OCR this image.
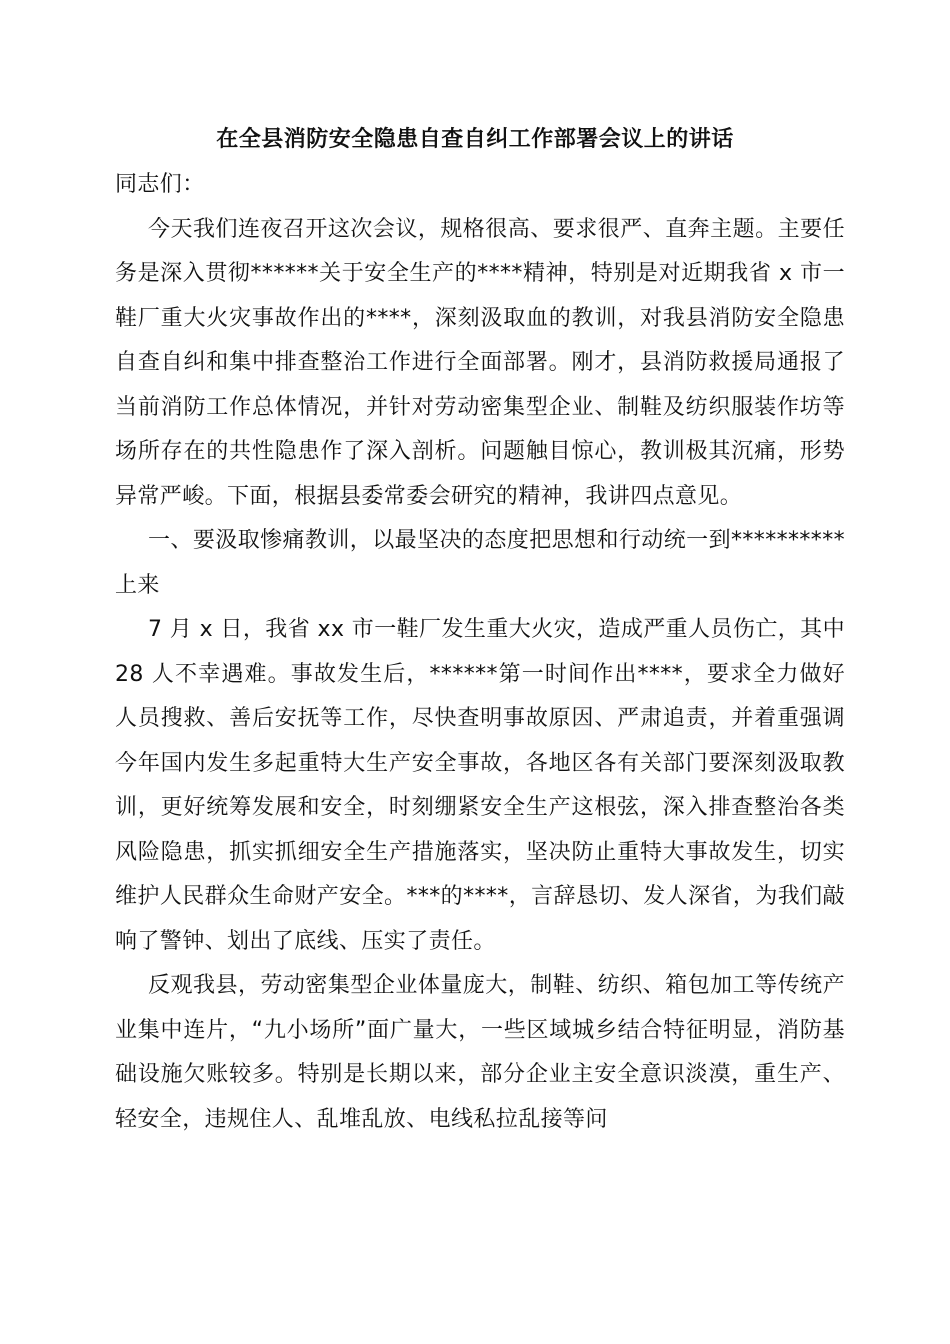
在全县消防安全隐患自查自纠工作部署会议上的讲话

同志们：

今天我们连夜召开这次会议，规格很高、要求很严、直奔主题。主要任务是深入贯彻******关于安全生产的****精神，特别是对近期我省 x 市一鞋厂重大火灾事故作出的****，深刻汲取血的教训，对我县消防安全隐患自查自纠和集中排查整治工作进行全面部署。刚才，县消防救援局通报了当前消防工作总体情况，并针对劳动密集型企业、制鞋及纺织服装作坊等场所存在的共性隐患作了深入剖析。问题触目惊心，教训极其沉痛，形势异常严峻。下面，根据县委常委会研究的精神，我讲四点意见。

一、要汲取惨痛教训，以最坚决的态度把思想和行动统一到**********上来

7 月 x 日，我省 xx 市一鞋厂发生重大火灾，造成严重人员伤亡，其中 28 人不幸遇难。事故发生后，******第一时间作出****，要求全力做好人员搜救、善后安抚等工作，尽快查明事故原因、严肃追责，并着重强调今年国内发生多起重特大生产安全事故，各地区各有关部门要深刻汲取教训，更好统筹发展和安全，时刻绷紧安全生产这根弦，深入排查整治各类风险隐患，抓实抓细安全生产措施落实，坚决防止重特大事故发生，切实维护人民群众生命财产安全。***的****，言辞恳切、发人深省，为我们敲响了警钟、划出了底线、压实了责任。

反观我县，劳动密集型企业体量庞大，制鞋、纺织、箱包加工等传统产业集中连片，“九小场所”面广量大，一些区域城乡结合特征明显，消防基础设施欠账较多。特别是长期以来，部分企业主安全意识淡漠，重生产、轻安全，违规住人、乱堆乱放、电线私拉乱接等问
